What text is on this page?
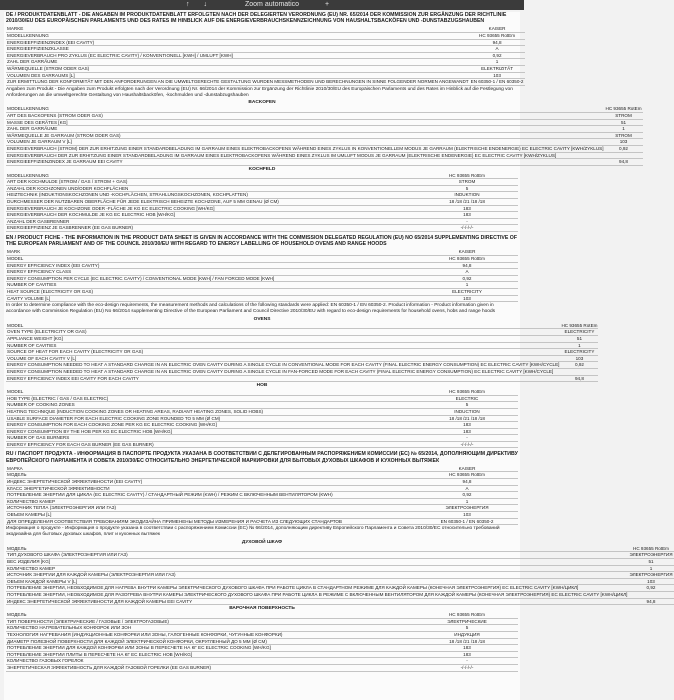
↑ ↓	Zoom automatico	+

DE / PRODUKTDATENBLATT - DIE ANGABEN IM PRODUKTDATENBLATT ERFOLGTEN NACH DER DELEGIERTEN VERORDNUNG (EU) NR. 65/2014 DER KOMMISSION ZUR ERGÄNZUNG DER RICHTLINIE 2010/30/EU DES EUROPÄISCHEN PARLAMENTS UND DES RATES IM HINBLICK AUF DIE ENERGIEVERBRAUCHSKENNZEICHNUNG VON HAUSHALTSBACKÖFEN UND -DUNSTABZUGSHAUBEN

MARKE	KAISER
MODELLKENNUNG	HC 93655 RotEm
ENERGIEEFFIZIENZINDEX (EEI CAVITY)	94,8
ENERGIEEFFIZIENZKLASSE	A
ENERGIEVERBRAUCH PRO ZYKLUS (EC ELECTRIC CAVITY) / KONVENTIONELL [KWH] / UMLUFT [KWH]	0,92
ZAHL DER GARRÄUME	1
WÄRMEQUELLE (STROM ODER GAS)	ELEKTRIZITÄT
VOLUMEN DES GARRAUMS [L]	103
ZUR ERMITTLUNG DER KONFORMITÄT MIT DEN ANFORDERUNGEN AN DIE UMWELTGERECHTE GESTALTUNG WURDEN MESSMETHODEN UND BERECHNUNGEN IN SINNE FOLGENDER NORMEN ANGEWANDT	EN 60350-1 / EN 60350-2

Angaben zum Produkt - Die Angaben zum Produkt erfolgten nach der Verordnung (EU) Nr. 66/2014 der Kommission zur Ergänzung der Richtlinie 2010/30/EU des Europäischen Parlaments und des Rates im Hinblick auf die Festlegung von Anforderungen an die umweltgerechte Gestaltung von Haushaltsbacköfen, -kochmulden und -dunstabzugshauben

BACKOFEN
MODELLKENNUNG	HC 93655 RotEm
ART DES BACKOFENS (STROM ODER GAS)	STROM
MASSE DES GERÄTES [KG]	51
ZAHL DER GARRÄUME	1
WÄRMEQUELLE JE GARRAUM (STROM ODER GAS)	STROM
VOLUMEN JE GARRAUM V [L]	103
ENERGIEVERBRAUCH (STROM) DER ZUR ERHITZUNG EINER STANDARDBELADUNG IM GARRAUM EINES ELEKTROBACKOFENS WÄHREND EINES ZYKLUS IN KONVENTIONELLEM MODUS JE GARRAUM (ELEKTRISCHE ENDENERGIE) EC ELECTRIC CAVITY [KWH/ZYKLUS]	0,92
ENERGIEVERBRAUCH DER ZUR ERHITZUNG EINER STANDARDBELADUNG IM GARRAUM EINES ELEKTROBACKOFENS WÄHREND EINES ZYKLUS IM UMLUFT MODUS JE GARRAUM (ELEKTRISCHE ENDENERGIE) EC ELECTRIC CAVITY [KWH/ZYKLUS]	
ENERGIEEFFIZIENZINDEX JE GARRAUM EEI CAVITY	94,8
KOCHFELD
MODELLKENNUNG	HC 93655 RotEm
ART DER KOCHMULDE (STROM / GAS / STROM + GAS)	STROM
ANZAHL DER KOCHZONEN UND/ODER KOCHFLÄCHEN	5
HEIZTECHNIK (INDUKTIONSKOCHZONEN UND -KOCHFLÄCHEN, STRAHLUNGSKOCHZONEN, KOCHPLATTEN)	INDUKTION
DURCHMESSER DER NUTZBAREN OBERFLÄCHE FÜR JEDE ELEKTRISCH BEHEIZTE KOCHZONE, AUF 5 MM GENAU (Ø CM)	18 /18 /21 /18 /18
ENERGIEVERBRAUCH JE KOCHZONE ODER -FLÄCHE JE KG EC ELECTRIC COOKING [WH/KG]	183
ENERGIEVERBRAUCH DER KOCHMULDE JE KG EC ELECTRIC HOB [WH/KG]	183
ANZAHL DER GASBRENNER	-
ENERGIEEFFIZIENZ JE GASBRENNER (EE GAS BURNER)	-/-/-/-/-

EN / PRODUCT FICHE - THE INFORMATION IN THE PRODUCT DATA SHEET IS GIVEN IN ACCORDANCE WITH THE COMMISSION DELEGATED REGULATION (EU) NO 65/2014 SUPPLEMENTING DIRECTIVE OF THE EUROPEAN PARLIAMENT AND OF THE COUNCIL 2010/30/EU WITH REGARD TO ENERGY LABELLING OF HOUSEHOLD OVENS AND RANGE HOODS

MARK	KAISER
MODEL	HC 93655 RotEm
ENERGY EFFICIENCY INDEX (EEI CAVITY)	94,8
ENERGY EFFICIENCY CLASS	A
ENERGY CONSUMPTION PER CYCLE (EC ELECTRIC CAVITY) / CONVENTIONAL MODE [KWH] / FAN FORCED MODE [KWH]	0,92
NUMBER OF CAVITIES	1
HEAT SOURCE (ELECTRICITY OR GAS)	ELECTRICITY
CAVITY VOLUME [L]	103

In order to determine compliance with the eco-design requirements, the measurement methods and calculations of the following standards were applied: EN 60350-1 / EN 60350-2. Product information - Product information given in accordance with Commission Regulation (EU) No 66/2014 supplementing Directive of the European Parliament and Council Directive 2010/30/EU with regard to eco-design requirements for household ovens, hobs and range hoods

OVENS
MODEL	HC 93655 RotEm
OVEN TYPE (ELECTRICITY OR GAS)	ELECTRICITY
APPLIANCE WEIGHT [KG]	51
NUMBER OF CAVITIES	1
SOURCE OF HEAT FOR EACH CAVITY (ELECTRICITY OR GAS)	ELECTRICITY
VOLUME OF EACH CAVITY V [L]	103
ENERGY CONSUMPTION NEEDED TO HEAT A STANDARD CHARGE IN AN ELECTRIC OVEN CAVITY DURING A SINGLE CYCLE IN CONVENTIONAL MODE FOR EACH CAVITY (FINAL ELECTRIC ENERGY CONSUMPTION) EC ELECTRIC CAVITY [KWH/CYCLE]	0,92
ENERGY CONSUMPTION NEEDED TO HEAT A STANDARD CHARGE IN AN ELECTRIC OVEN CAVITY DURING A SINGLE CYCLE IN FAN-FORCED MODE FOR EACH CAVITY (FINAL ELECTRIC ENERGY CONSUMPTION) EC ELECTRIC CAVITY [KWH/CYCLE]	
ENERGY EFFICIENCY INDEX EEI CAVITY FOR EACH CAVITY	94,8
HOB
MODEL	HC 93655 RotEm
HOB TYPE (ELECTRIC / GAS / GAS ELECTRIC)	ELECTRIC
NUMBER OF COOKING ZONES	5
HEATING TECHNIQUE (INDUCTION COOKING ZONES OR HEATING AREAS, RADIANT HEATING ZONES, SOLID HOBS)	INDUCTION
USABLE SURFACE DIAMETER FOR EACH ELECTRIC COOKING ZONE ROUNDED TO 5 MM (Ø CM)	18 /18 /21 /18 /18
ENERGY CONSUMPTION FOR EACH COOKING ZONE PER KG EC ELECTRIC COOKING [WH/KG]	183
ENERGY CONSUMPTION BY THE HOB PER KG EC ELECTRIC HOB [WH/KG]	183
NUMBER OF GAS BURNERS	-
ENERGY EFFICIENCY FOR EACH GAS BURNER (EE GAS BURNER)	-/-/-/-/-

RU / ПАСПОРТ ПРОДУКТА - ИНФОРМАЦИЯ В ПАСПОРТЕ ПРОДУКТА УКАЗАНА В СООТВЕТСТВИИ С ДЕЛЕГИРОВАННЫМ РАСПОРЯЖЕНИЕМ КОМИССИИ (ЕС) № 65/2014, ДОПОЛНЯЮЩИМ ДИРЕКТИВУ ЕВРОПЕЙСКОГО ПАРЛАМЕНТА И СОВЕТА 2010/30/ЕС ОТНОСИТЕЛЬНО ЭНЕРГЕТИЧЕСКОЙ МАРКИРОВКИ ДЛЯ БЫТОВЫХ ДУХОВЫХ ШКАФОВ И КУХОННЫХ ВЫТЯЖЕК

МАРКА	KAISER
МОДЕЛЬ	HC 93655 RotEm
ИНДЕКС ЭНЕРГЕТИЧЕСКОЙ ЭФФЕКТИВНОСТИ (EEI CAVITY)	94,8
КЛАСС ЭНЕРГЕТИЧЕСКОЙ ЭФФЕКТИВНОСТИ	A
ПОТРЕБЛЕНИЕ ЭНЕРГИИ ДЛЯ ЦИКЛА (EC ELECTRIC CAVITY) / СТАНДАРТНЫЙ РЕЖИМ (KWH) / РЕЖИМ С ВКЛЮЧЕННЫМ ВЕНТИЛЯТОРОМ (KWH)	0,92
КОЛИЧЕСТВО КАМЕР	1
ИСТОЧНИК ТЕПЛА (ЭЛЕКТРОЭНЕРГИЯ ИЛИ ГАЗ)	ЭЛЕКТРОЭНЕРГИЯ
ОБЪЕМ КАМЕРЫ [L]	103
ДЛЯ ОПРЕДЕЛЕНИЯ СООТВЕТСТВИЯ ТРЕБОВАНИЯМ ЭКОДИЗАЙНА ПРИМЕНЕНЫ МЕТОДЫ ИЗМЕРЕНИЯ И РАСЧЕТА ИЗ СЛЕДУЮЩИХ СТАНДАРТОВ	EN 60350-1 / EN 60350-2

Информация о продукте - Информация о продукте указана в соответствии с распоряжением Комиссии (ЕС) № 66/2014, дополняющим директиву Европейского Парламента и Совета 2010/30/ЕС относительно требований экодизайна для бытовых духовых шкафов, плит и кухонных вытяжек

ДУХОВОЙ ШКАФ
МОДЕЛЬ	HC 93655 RotEm
ТИП ДУХОВОГО ШКАФА (ЭЛЕКТРОЭНЕРГИЯ ИЛИ ГАЗ)	ЭЛЕКТРОЭНЕРГИЯ
ВЕС ИЗДЕЛИЯ [KG]	51
КОЛИЧЕСТВО КАМЕР	1
ИСТОЧНИК ЭНЕРГИИ ДЛЯ КАЖДОЙ КАМЕРЫ (ЭЛЕКТРОЭНЕРГИЯ ИЛИ ГАЗ)	ЭЛЕКТРОЭНЕРГИЯ
ОБЪЕМ КАЖДОЙ КАМЕРЫ V [L]	103
ПОТРЕБЛЕНИЕ ЭНЕРГИИ, НЕОБХОДИМОЕ ДЛЯ НАГРЕВА ВНУТРИ КАМЕРЫ ЭЛЕКТРИЧЕСКОГО ДУХОВОГО ШКАФА ПРИ РАБОТЕ ЦИКЛА В СТАНДАРТНОМ РЕЖИМЕ ДЛЯ КАЖДОЙ КАМЕРЫ (КОНЕЧНАЯ ЭЛЕКТРОЭНЕРГИЯ) EC ELECTRIC CAVITY [KWH/ЦИКЛ]	0,92
ПОТРЕБЛЕНИЕ ЭНЕРГИИ, НЕОБХОДИМОЕ ДЛЯ РАЗОГРЕВА ВНУТРИ КАМЕРЫ ЭЛЕКТРИЧЕСКОГО ДУХОВОГО ШКАФА ПРИ РАБОТЕ ЦИКЛА В РЕЖИМЕ С ВКЛЮЧЕННЫМ ВЕНТИЛЯТОРОМ ДЛЯ КАЖДОЙ КАМЕРЫ (КОНЕЧНАЯ ЭЛЕКТРОЭНЕРГИЯ) EC ELECTRIC CAVITY [KWH/ЦИКЛ]	
ИНДЕКС ЭНЕРГЕТИЧЕСКОЙ ЭФФЕКТИВНОСТИ ДЛЯ КАЖДОЙ КАМЕРЫ EEI CAVITY	94,8
ВАРОЧНАЯ ПОВЕРХНОСТЬ
МОДЕЛЬ	HC 93655 RotEm
ТИП ПОВЕРХНОСТИ (ЭЛЕКТРИЧЕСКИЕ / ГАЗОВЫЕ / ЭЛЕКТРОГАЗОВЫЕ)	ЭЛЕКТРИЧЕСКИЕ
КОЛИЧЕСТВО НАГРЕВАТЕЛЬНЫХ КОНФОРОК ИЛИ ЗОН	5
ТЕХНОЛОГИЯ НАГРЕВАНИЯ (ИНДУКЦИОННЫЕ КОНФОРКИ ИЛИ ЗОНЫ, ГАЛОГЕННЫЕ КОНФОРКИ, ЧУГУННЫЕ КОНФОРКИ)	ИНДУКЦИЯ
ДИАМЕТР ПОЛЕЗНОЙ ПОВЕРХНОСТИ ДЛЯ КАЖДОЙ ЭЛЕКТРИЧЕСКОЙ КОНФОРКИ, ОКРУГЛЕННЫЙ ДО 5 ММ (Ø CM)	18 /18 /21 /18 /18
ПОТРЕБЛЕНИЕ ЭНЕРГИИ ДЛЯ КАЖДОЙ КОНФОРКИ ИЛИ ЗОНЫ В ПЕРЕСЧЕТЕ НА КГ EC ELECTRIC COOKING [WH/KG]	183
ПОТРЕБЛЕНИЕ ЭНЕРГИИ ПЛИТЫ В ПЕРЕСЧЕТЕ НА КГ EC ELECTRIC HOB [WH/KG]	183
КОЛИЧЕСТВО ГАЗОВЫХ ГОРЕЛОК	-
ЭНЕРГЕТИЧЕСКАЯ ЭФФЕКТИВНОСТЬ ДЛЯ КАЖДОЙ ГАЗОВОЙ ГОРЕЛКИ (EE GAS BURNER)	-/-/-/-/-
